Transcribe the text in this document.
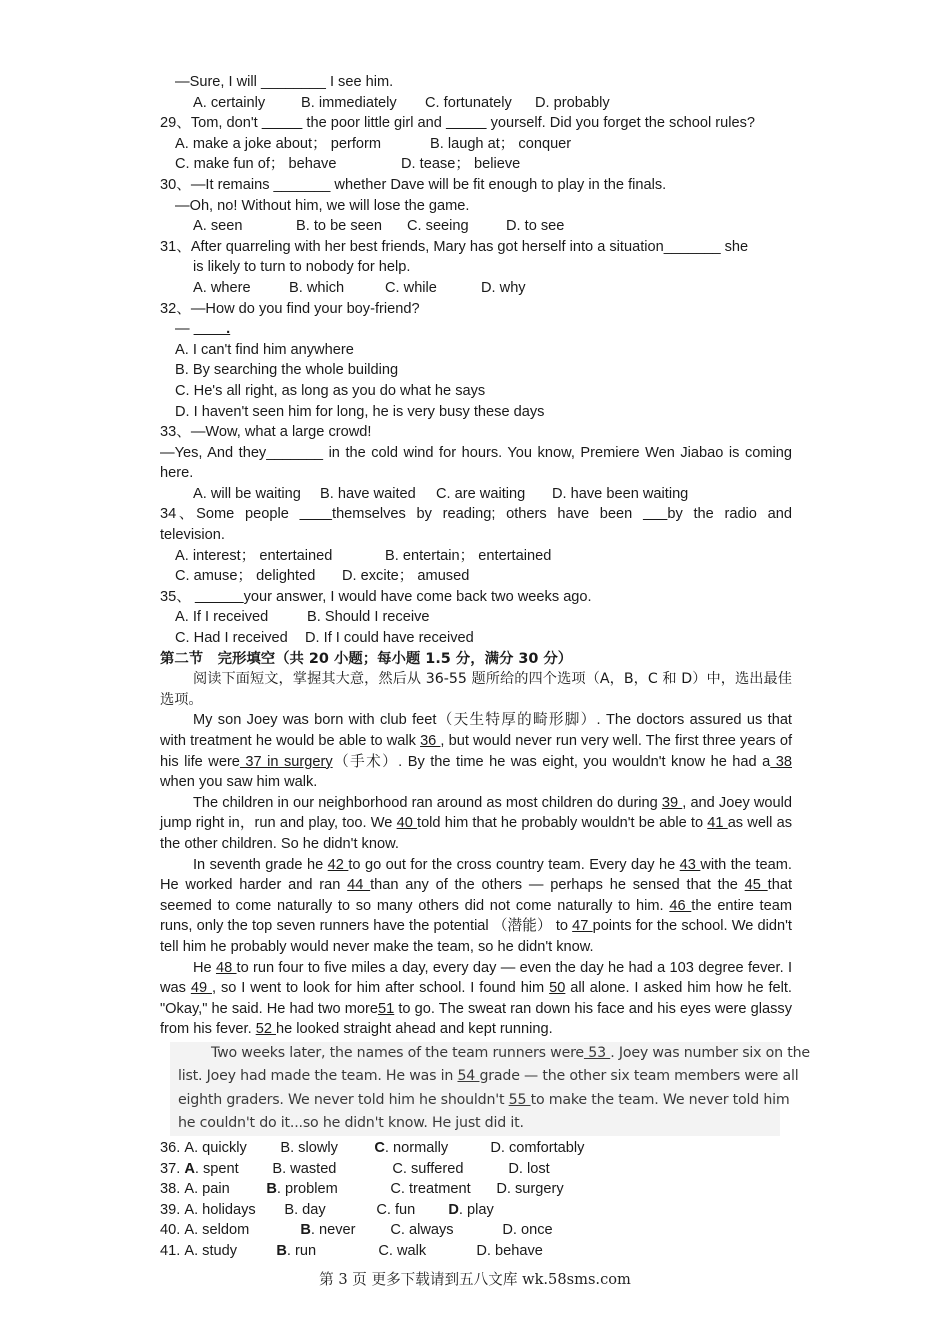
—Sure, I will ________ I see him.
A. certainly B. immediately C. fortunately D. probably
29、Tom, don't _____ the poor little girl and _____ yourself. Did you forget the school rules?
A. make a joke about； perform	B. laugh at； conquer
C. make fun of； behave	D. tease； believe
30、—It remains _______ whether Dave will be fit enough to play in the finals.
—Oh, no! Without him, we will lose the game.
A. seen	B. to be seen C. seeing	D. to see
31、After quarreling with her best friends, Mary has got herself into a situation_______ she
is likely to turn to nobody for help.
A. where	B. which	C. while	D. why
32、—How do you find your boy-friend?
— ____.
A. I can't find him anywhere
B. By searching the whole building
C. He's all right, as long as you do what he says
D. I haven't seen him for long, he is very busy these days
33、—Wow, what a large crowd!
—Yes, And they_______ in the cold wind for hours. You know, Premiere Wen Jiabao is coming here.
A. will be waiting B. have waited C. are waiting D. have been waiting
34、Some people ____themselves by reading; others have been ___by the radio and television.
A. interest； entertained	B. entertain； entertained
C. amuse； delighted D. excite； amused
35、 ______your answer, I would have come back two weeks ago.
A. If I received	B. Should I receive
C. Had I received D. If I could have received
第二节　完形填空（共 20 小题；每小题 1.5 分，满分 30 分）
阅读下面短文，掌握其大意，然后从 36-55 题所给的四个选项（A，B，C 和 D）中，选出最佳选项。
My son Joey was born with club feet（天生特厚的畸形脚）. The doctors assured us that with treatment he would be able to walk 36 , but would never run very well. The first three years of his life were 37 in surgery（手术）. By the time he was eight, you wouldn't know he had a 38 when you saw him walk.
The children in our neighborhood ran around as most children do during 39 , and Joey would jump right in，run and play, too. We 40 told him that he probably wouldn't be able to 41 as well as the other children. So he didn't know.
In seventh grade he 42 to go out for the cross country team. Every day he 43 with the team. He worked harder and ran 44 than any of the others — perhaps he sensed that the 45 that seemed to come naturally to so many others did not come naturally to him. 46 the entire team runs, only the top seven runners have the potential （潜能） to 47 points for the school. We didn't tell him he probably would never make the team, so he didn't know.
He 48 to run four to five miles a day, every day — even the day he had a 103 degree fever. I was 49 , so I went to look for him after school. I found him 50 all alone. I asked him how he felt. "Okay," he said. He had two more51 to go. The sweat ran down his face and his eyes were glassy from his fever. 52 he looked straight ahead and kept running.
Two weeks later, the names of the team runners were 53 . Joey was number six on the
list. Joey had made the team. He was in 54 grade — the other six team members were all
eighth graders. We never told him he shouldn't 55 to make the team. We never told him
he couldn't do it...so he didn't know. He just did it.
36. A. quickly B. slowly C. normally	D. comfortably
37. A. spent B. wasted	C. suffered	D. lost
38. A. pain	B. problem	C. treatment D. surgery
39. A. holidays B. day	C. fun D. play
40. A. seldom	B. never C. always	D. once
41. A. study	B. run	C. walk	D. behave
第 3 页 更多下载请到五八文库 wk.58sms.com
